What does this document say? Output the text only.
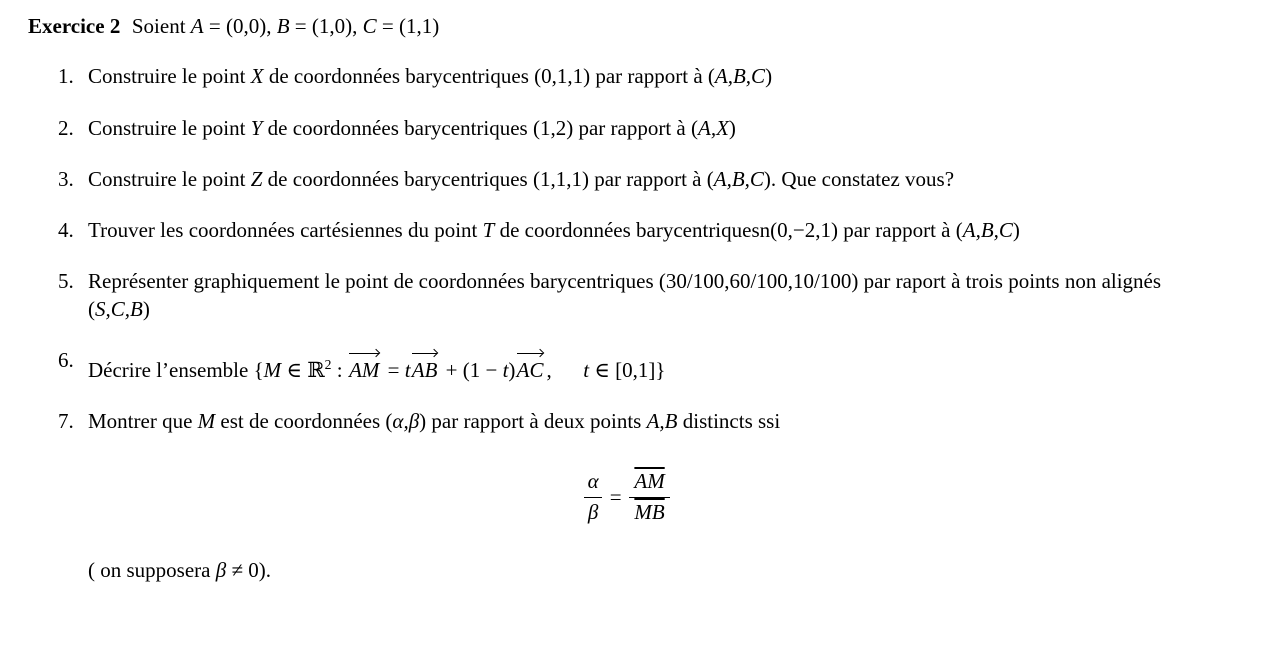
Exercice 2 Soient A = (0,0), B = (1,0), C = (1,1)
1. Construire le point X de coordonnées barycentriques (0,1,1) par rapport à (A,B,C)
2. Construire le point Y de coordonnées barycentriques (1,2) par rapport à (A,X)
3. Construire le point Z de coordonnées barycentriques (1,1,1) par rapport à (A,B,C). Que constatez vous?
4. Trouver les coordonnées cartésiennes du point T de coordonnées barycentriquesn(0,−2,1) par rapport à (A,B,C)
5. Représenter graphiquement le point de coordonnées barycentriques (30/100,60/100,10/100) par raport à trois points non alignés (S,C,B)
6. Décrire l’ensemble {M ∈ ℝ$^2$ : AM = tAB + (1 − t)AC ,  t ∈ [0,1]}
7. Montrer que M est de coordonnées (α,β) par rapport à deux points A,B distincts ssi
$\frac{\alpha}{\beta} = \frac{\overline{AM}}{MB}$
( on supposera β ≠ 0).
